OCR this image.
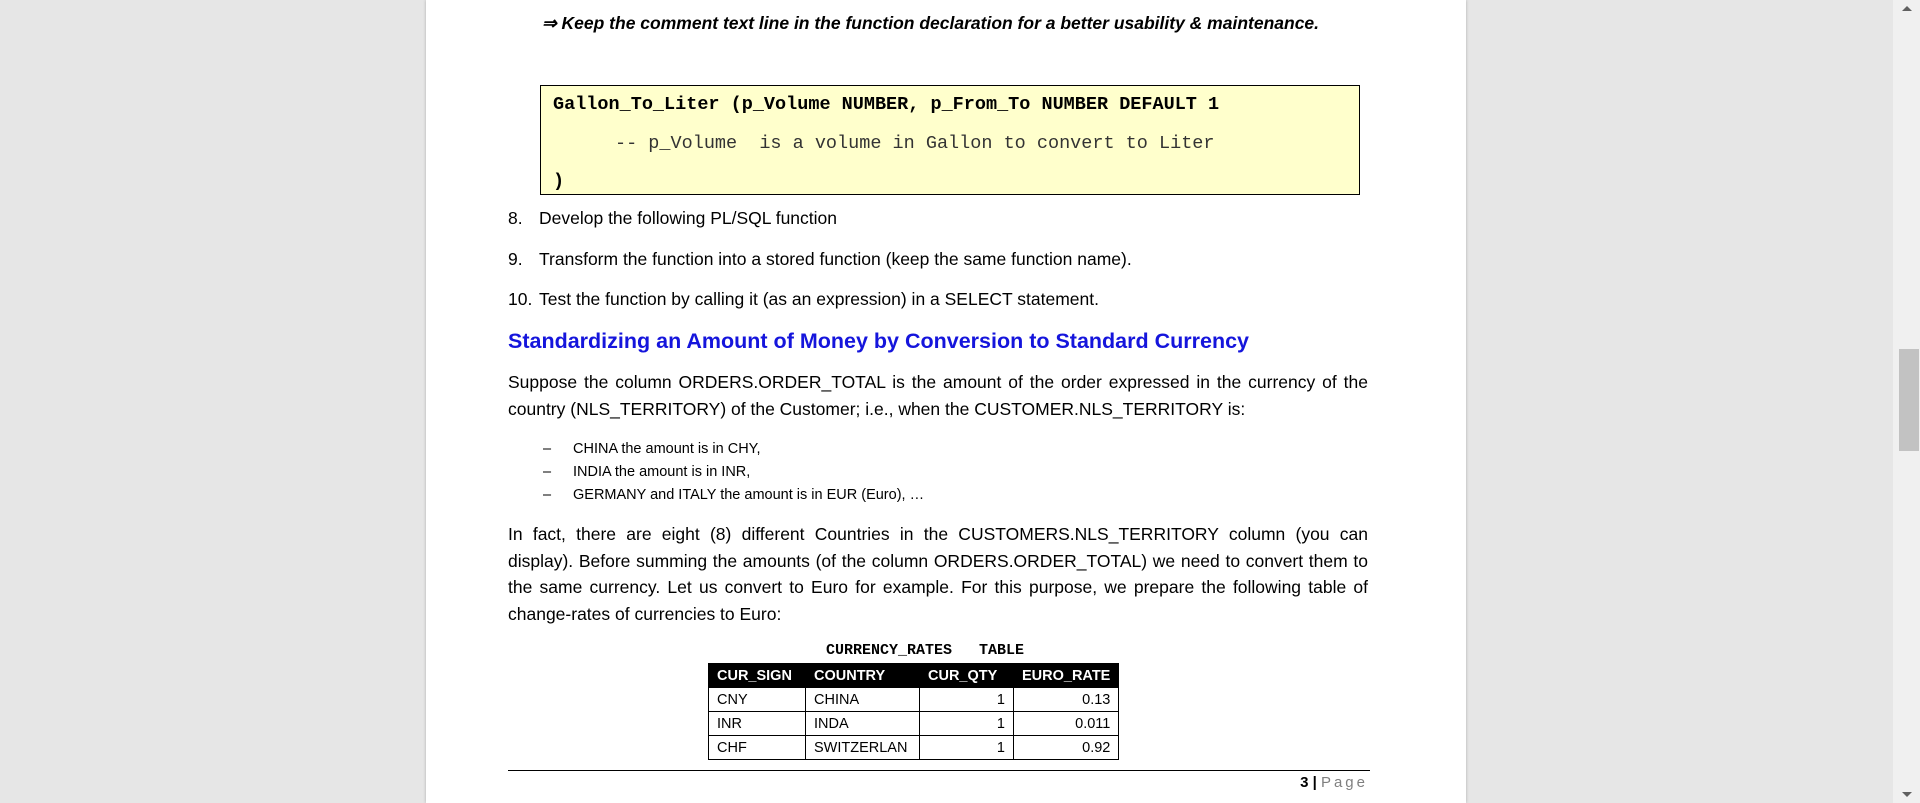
⇒ Keep the comment text line in the function declaration for a better usability & maintenance.
Gallon_To_Liter (p_Volume NUMBER, p_From_To NUMBER DEFAULT 1
-- p_Volume  is a volume in Gallon to convert to Liter
)
8. Develop the following PL/SQL function
9. Transform the function into a stored function (keep the same function name).
10. Test the function by calling it (as an expression) in a SELECT statement.
Standardizing an Amount of Money by Conversion to Standard Currency
Suppose the column ORDERS.ORDER_TOTAL is the amount of the order expressed in the currency of the country (NLS_TERRITORY) of the Customer; i.e., when the CUSTOMER.NLS_TERRITORY is:
– CHINA the amount is in CHY,
– INDIA the amount is in INR,
– GERMANY and ITALY the amount is in EUR (Euro), …
In fact, there are eight (8) different Countries in the CUSTOMERS.NLS_TERRITORY column (you can display). Before summing the amounts (of the column ORDERS.ORDER_TOTAL) we need to convert them to the same currency. Let us convert to Euro for example. For this purpose, we prepare the following table of change-rates of currencies to Euro:
CURRENCY_RATES   TABLE
CUR_SIGN	COUNTRY	CUR_QTY	EURO_RATE
CNY	CHINA	1	0.13
INR	INDA	1	0.011
CHF	SWITZERLAN	1	0.92
3 | Page
